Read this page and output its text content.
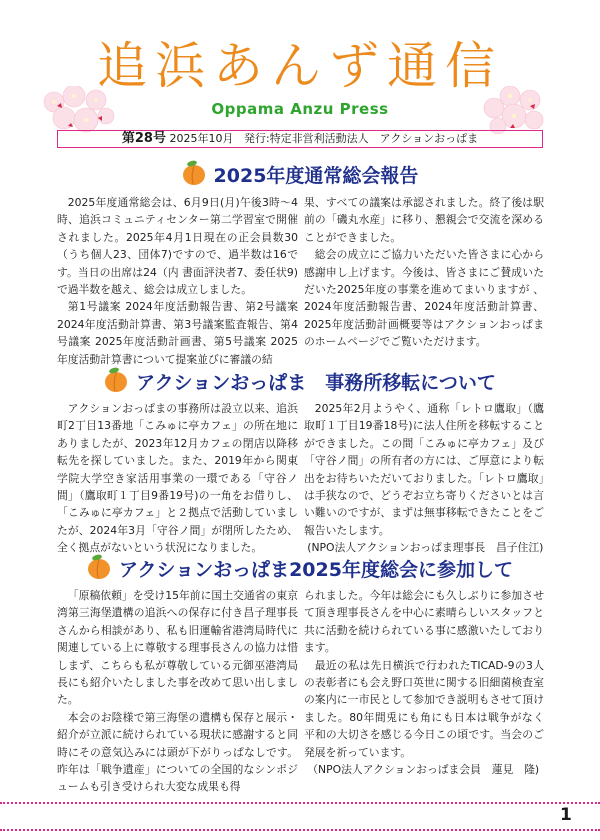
追浜あんず通信
Oppama Anzu Press
第28号 2025年10月 発行:特定非営利活動法人　アクションおっぱま
2025年度通常総会報告

2025年度通常総会は、6月9日(月)午後3時～4時、追浜コミュニティセンター第二学習室で開催されました。2025年4月1日現在の正会員数30（うち個人23、団体7)ですので、過半数は16です。当日の出席は24（内 書面評決者7、委任状9)で過半数を越え、総会は成立しました。

第1号議案 2024年度活動報告書、第2号議案 2024年度活動計算書、第3号議案監査報告、第4号議案 2025年度活動計画書、第5号議案 2025年度活動計算書について提案並びに審議の結

果、すべての議案は承認されました。終了後は駅前の「磯丸水産」に移り、懇親会で交流を深めることができました。

総会の成立にご協力いただいた皆さまに心から感謝申し上げます。今後は、皆さまにご賛成いただいた2025年度の事業を進めてまいりますが 、2024年度活動報告書、2024年度活動計算書、2025年度活動計画概要等はアクションおっぱまのホームページでご覧いただけます。

アクションおっぱま　事務所移転について

アクションおっぱまの事務所は設立以来、追浜町2丁目13番地「こみゅに亭カフェ」の所在地にありましたが、2023年12月カフェの閉店以降移転先を探していました。また、2019年から関東学院大学空き家活用事業の一環である「守谷ノ間」（鷹取町１丁目9番19号)の一角をお借りし、「こみゅに亭カフェ」と２拠点で活動していましたが、2024年3月「守谷ノ間」が閉所したため、全く拠点がないという状況になりました。

2025年2月ようやく、通称「レトロ鷹取」（鷹取町１丁目19番18号)に法人住所を移転することができました。この間「こみゅに亭カフェ」及び「守谷ノ間」の所有者の方には、ご厚意により転出をお待ちいただいておりました。「レトロ鷹取」は手狭なので、どうぞお立ち寄りくださいとは言い難いのですが、まずは無事移転できたことをご報告いたします。

(NPO法人アクションおっぱま理事長　昌子住江)

アクションおっぱま2025年度総会に参加して

「原稿依頼」を受け15年前に国土交通省の東京湾第三海堡遺構の追浜への保存に付き昌子理事長さんから相談があり、私も旧運輸省港湾局時代に関連している上に尊敬する理事長さんの協力は惜しまず、こちらも私が尊敬している元御巫港湾局長にも紹介いたしました事を改めて思い出しました。

本会のお陰様で第三海堡の遺構も保存と展示・紹介が立派に続けられている現状に感謝すると同時にその意気込みには頭が下がりっぱなしです。昨年は「戦争遺産」についての全国的なシンポジュームも引き受けられ大変な成果も得

られました。今年は総会にも久しぶりに参加させて頂き理事長さんを中心に素晴らしいスタッフと共に活動を続けられている事に感激いたしております。

最近の私は先日横浜で行われたTICAD-9の3人の表彰者にも会え野口英世に関する旧細菌検査室の案内に一市民として参加でき説明もさせて頂けました。80年間兎にも角にも日本は戦争がなく平和の大切さを感じる今日この頃です。当会のご発展を祈っています。

（NPO法人アクションおっぱま会員　蓮見　隆)

1
